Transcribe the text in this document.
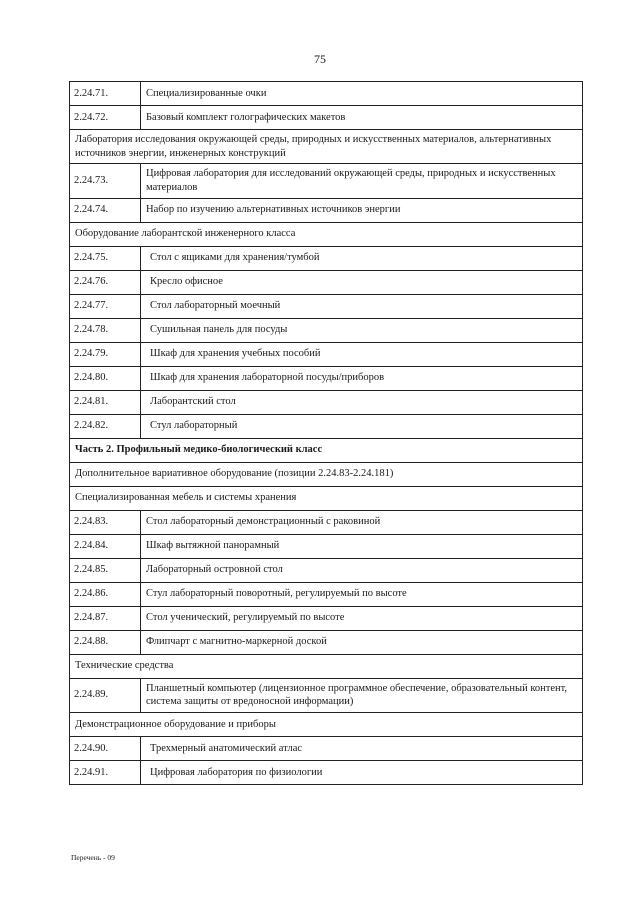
75
2.24.71.	Специализированные очки
2.24.72.	Базовый комплект голографических макетов
Лаборатория исследования окружающей среды, природных и искусственных материалов, альтернативных источников энергии, инженерных конструкций	
2.24.73.	Цифровая лаборатория для исследований окружающей среды, природных и искусственных материалов
2.24.74.	Набор по изучению альтернативных источников энергии
Оборудование лаборантской инженерного класса	
2.24.75.	Стол с ящиками для хранения/тумбой
2.24.76.	Кресло офисное
2.24.77.	Стол лабораторный моечный
2.24.78.	Сушильная панель для посуды
2.24.79.	Шкаф для хранения учебных пособий
2.24.80.	Шкаф для хранения лабораторной посуды/приборов
2.24.81.	Лаборантский стол
2.24.82.	Стул лабораторный
Часть 2. Профильный медико-биологический класс	
Дополнительное вариативное оборудование (позиции 2.24.83-2.24.181)	
Специализированная мебель и системы хранения	
2.24.83.	Стол лабораторный демонстрационный с раковиной
2.24.84.	Шкаф вытяжной панорамный
2.24.85.	Лабораторный островной стол
2.24.86.	Стул лабораторный поворотный, регулируемый по высоте
2.24.87.	Стол ученический, регулируемый по высоте
2.24.88.	Флипчарт с магнитно-маркерной доской
Технические средства	
2.24.89.	Планшетный компьютер (лицензионное программное обеспечение, образовательный контент, система защиты от вредоносной информации)
Демонстрационное оборудование и приборы	
2.24.90.	Трехмерный анатомический атлас
2.24.91.	Цифровая лаборатория по физиологии
Перечень - 09
